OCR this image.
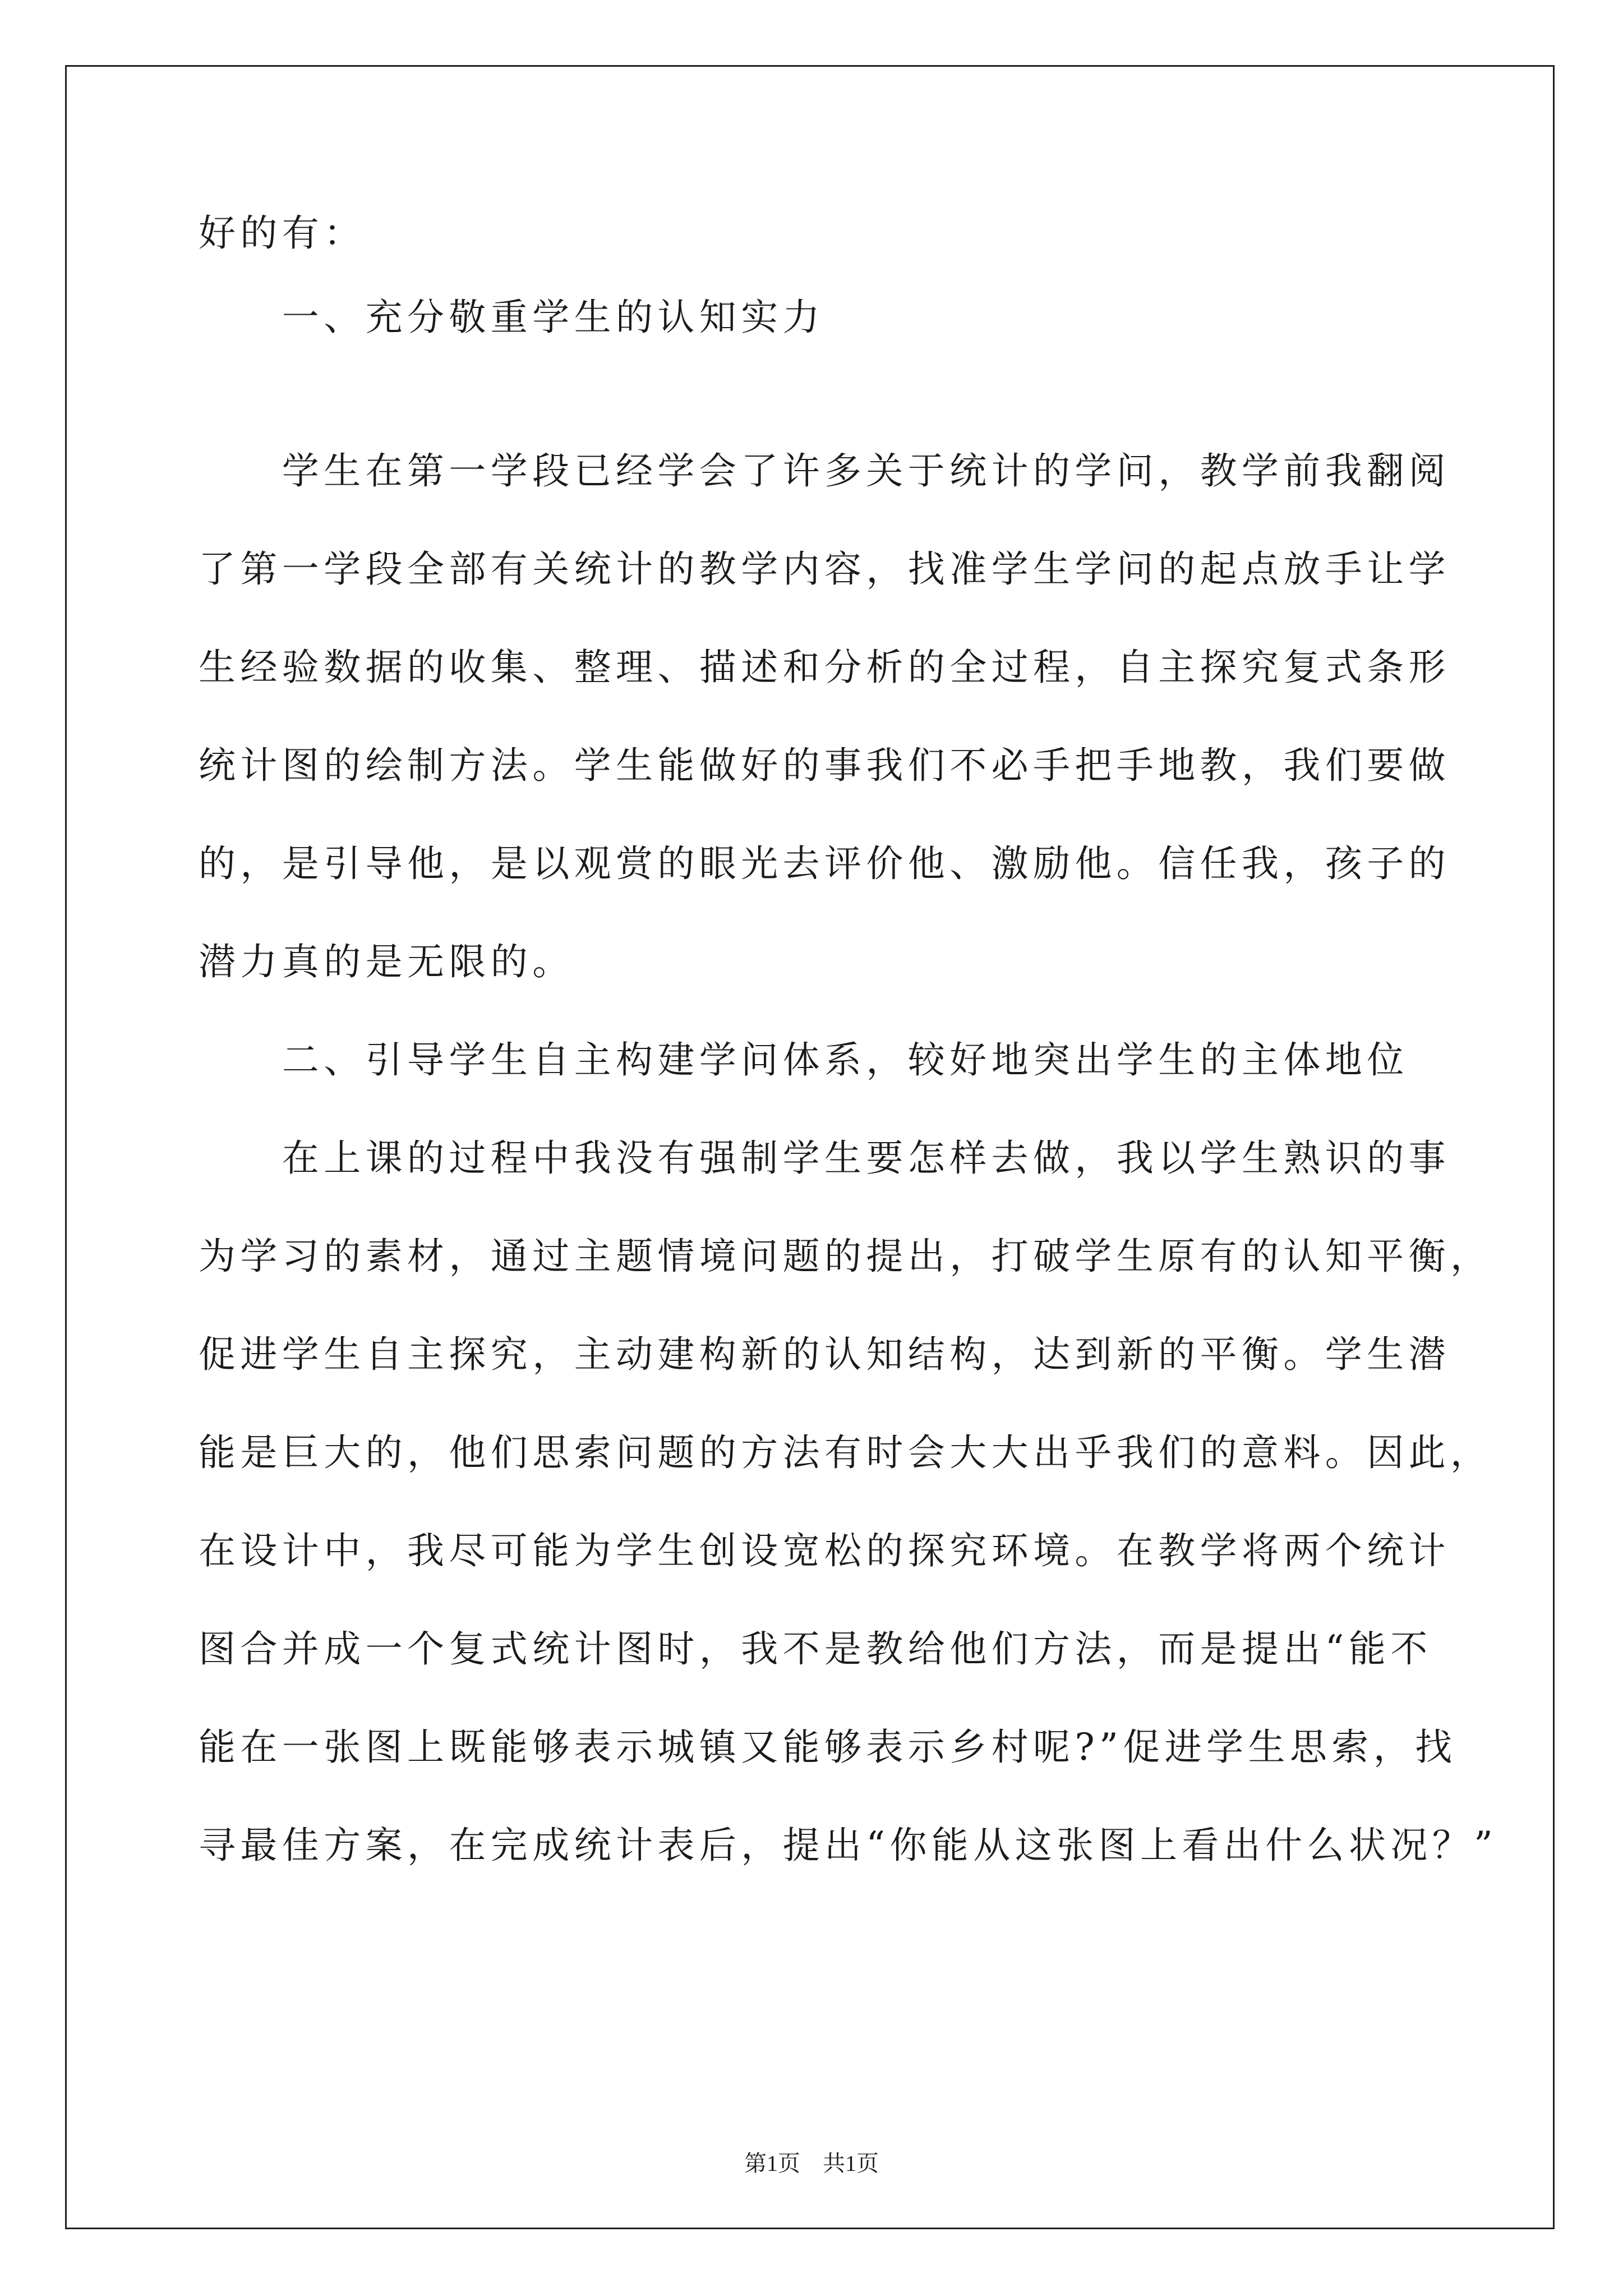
好的有：
　　一、充分敬重学生的认知实力
　　学生在第一学段已经学会了许多关于统计的学问，教学前我翻阅
了第一学段全部有关统计的教学内容，找准学生学问的起点放手让学
生经验数据的收集、整理、描述和分析的全过程，自主探究复式条形
统计图的绘制方法。学生能做好的事我们不必手把手地教，我们要做
的，是引导他，是以观赏的眼光去评价他、激励他。信任我，孩子的
潜力真的是无限的。
　　二、引导学生自主构建学问体系，较好地突出学生的主体地位
　　在上课的过程中我没有强制学生要怎样去做，我以学生熟识的事
为学习的素材，通过主题情境问题的提出，打破学生原有的认知平衡，
促进学生自主探究，主动建构新的认知结构，达到新的平衡。学生潜
能是巨大的，他们思索问题的方法有时会大大出乎我们的意料。因此，
在设计中，我尽可能为学生创设宽松的探究环境。在教学将两个统计
图合并成一个复式统计图时，我不是教给他们方法，而是提出“能不
能在一张图上既能够表示城镇又能够表示乡村呢?”促进学生思索，找
寻最佳方案，在完成统计表后，提出“你能从这张图上看出什么状况？”
第1页 共1页
